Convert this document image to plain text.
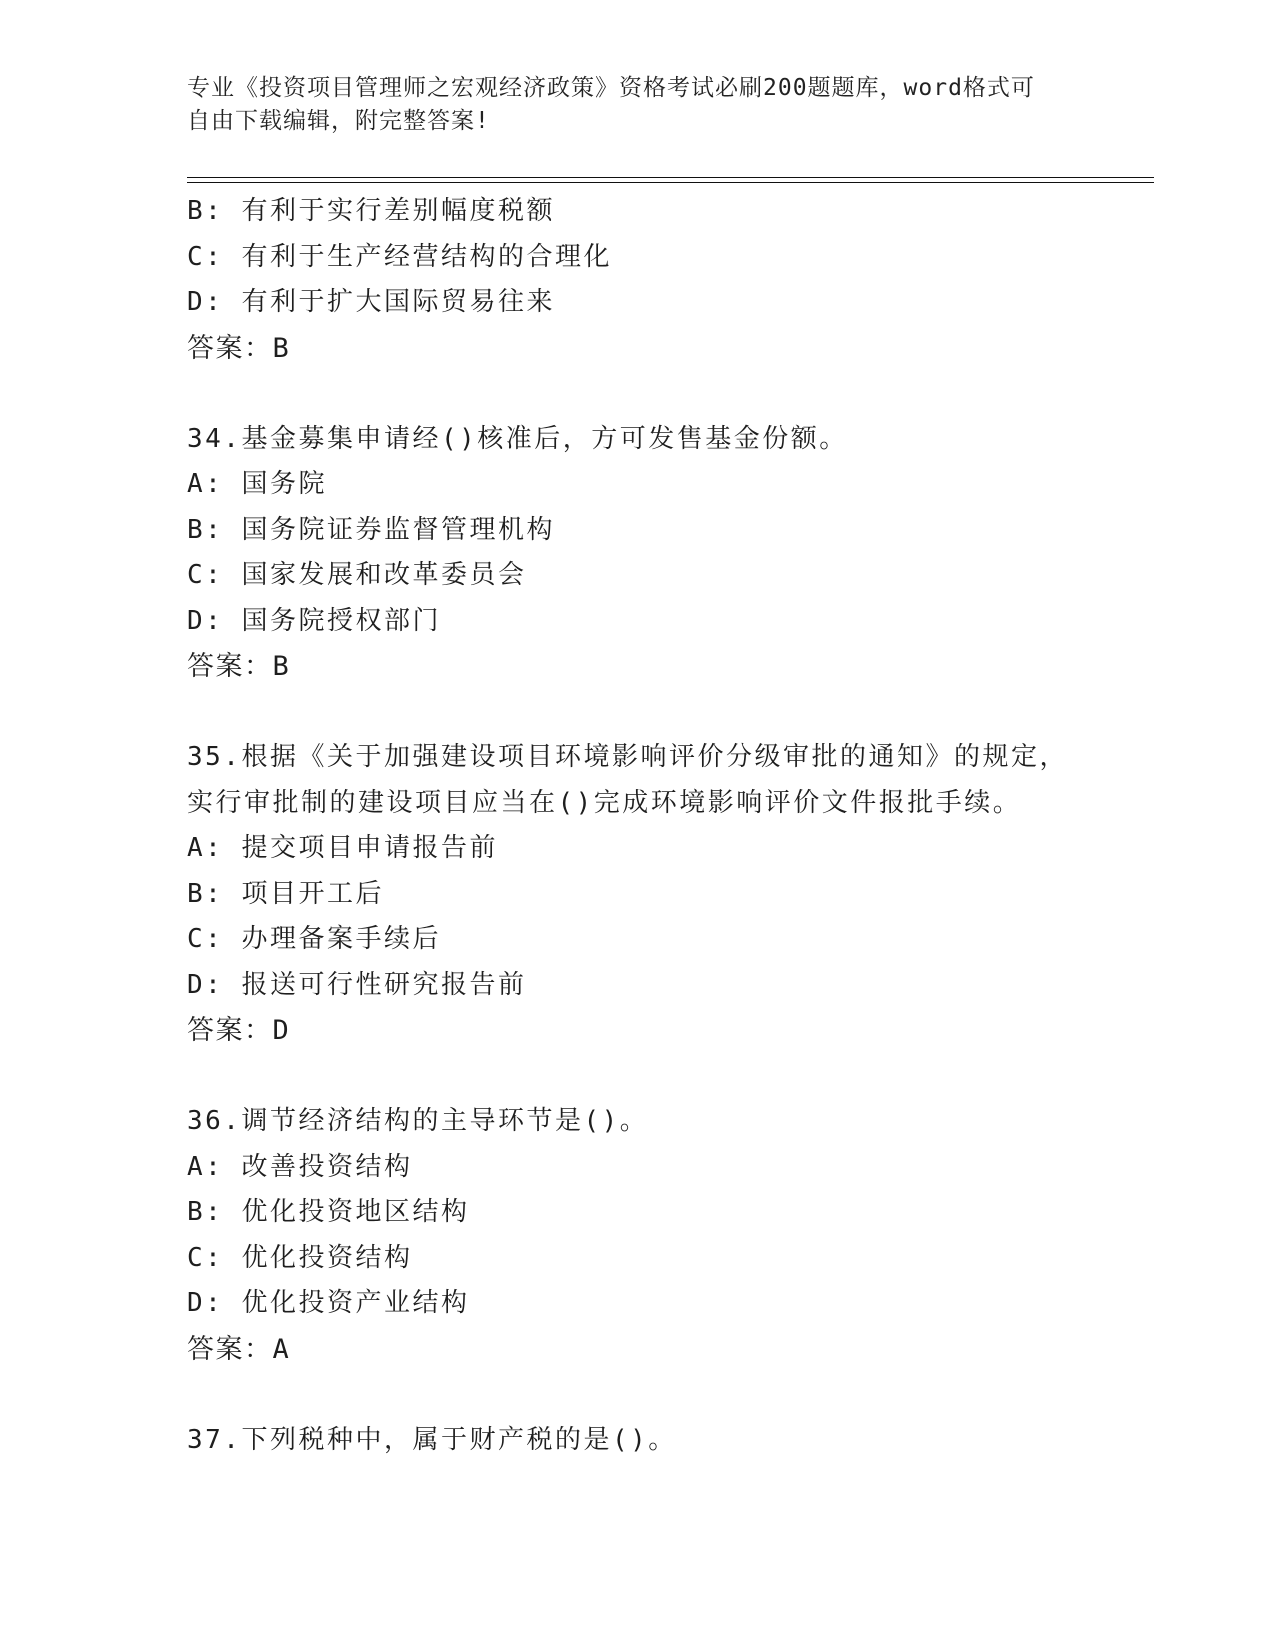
专业《投资项目管理师之宏观经济政策》资格考试必刷200题题库，word格式可
自由下载编辑，附完整答案!
B: 有利于实行差别幅度税额
C: 有利于生产经营结构的合理化
D: 有利于扩大国际贸易往来
答案：B
34.基金募集申请经()核准后，方可发售基金份额。
A: 国务院
B: 国务院证券监督管理机构
C: 国家发展和改革委员会
D: 国务院授权部门
答案：B
35.根据《关于加强建设项目环境影响评价分级审批的通知》的规定，
实行审批制的建设项目应当在()完成环境影响评价文件报批手续。
A: 提交项目申请报告前
B: 项目开工后
C: 办理备案手续后
D: 报送可行性研究报告前
答案：D
36.调节经济结构的主导环节是()。
A: 改善投资结构
B: 优化投资地区结构
C: 优化投资结构
D: 优化投资产业结构
答案：A
37.下列税种中，属于财产税的是()。
